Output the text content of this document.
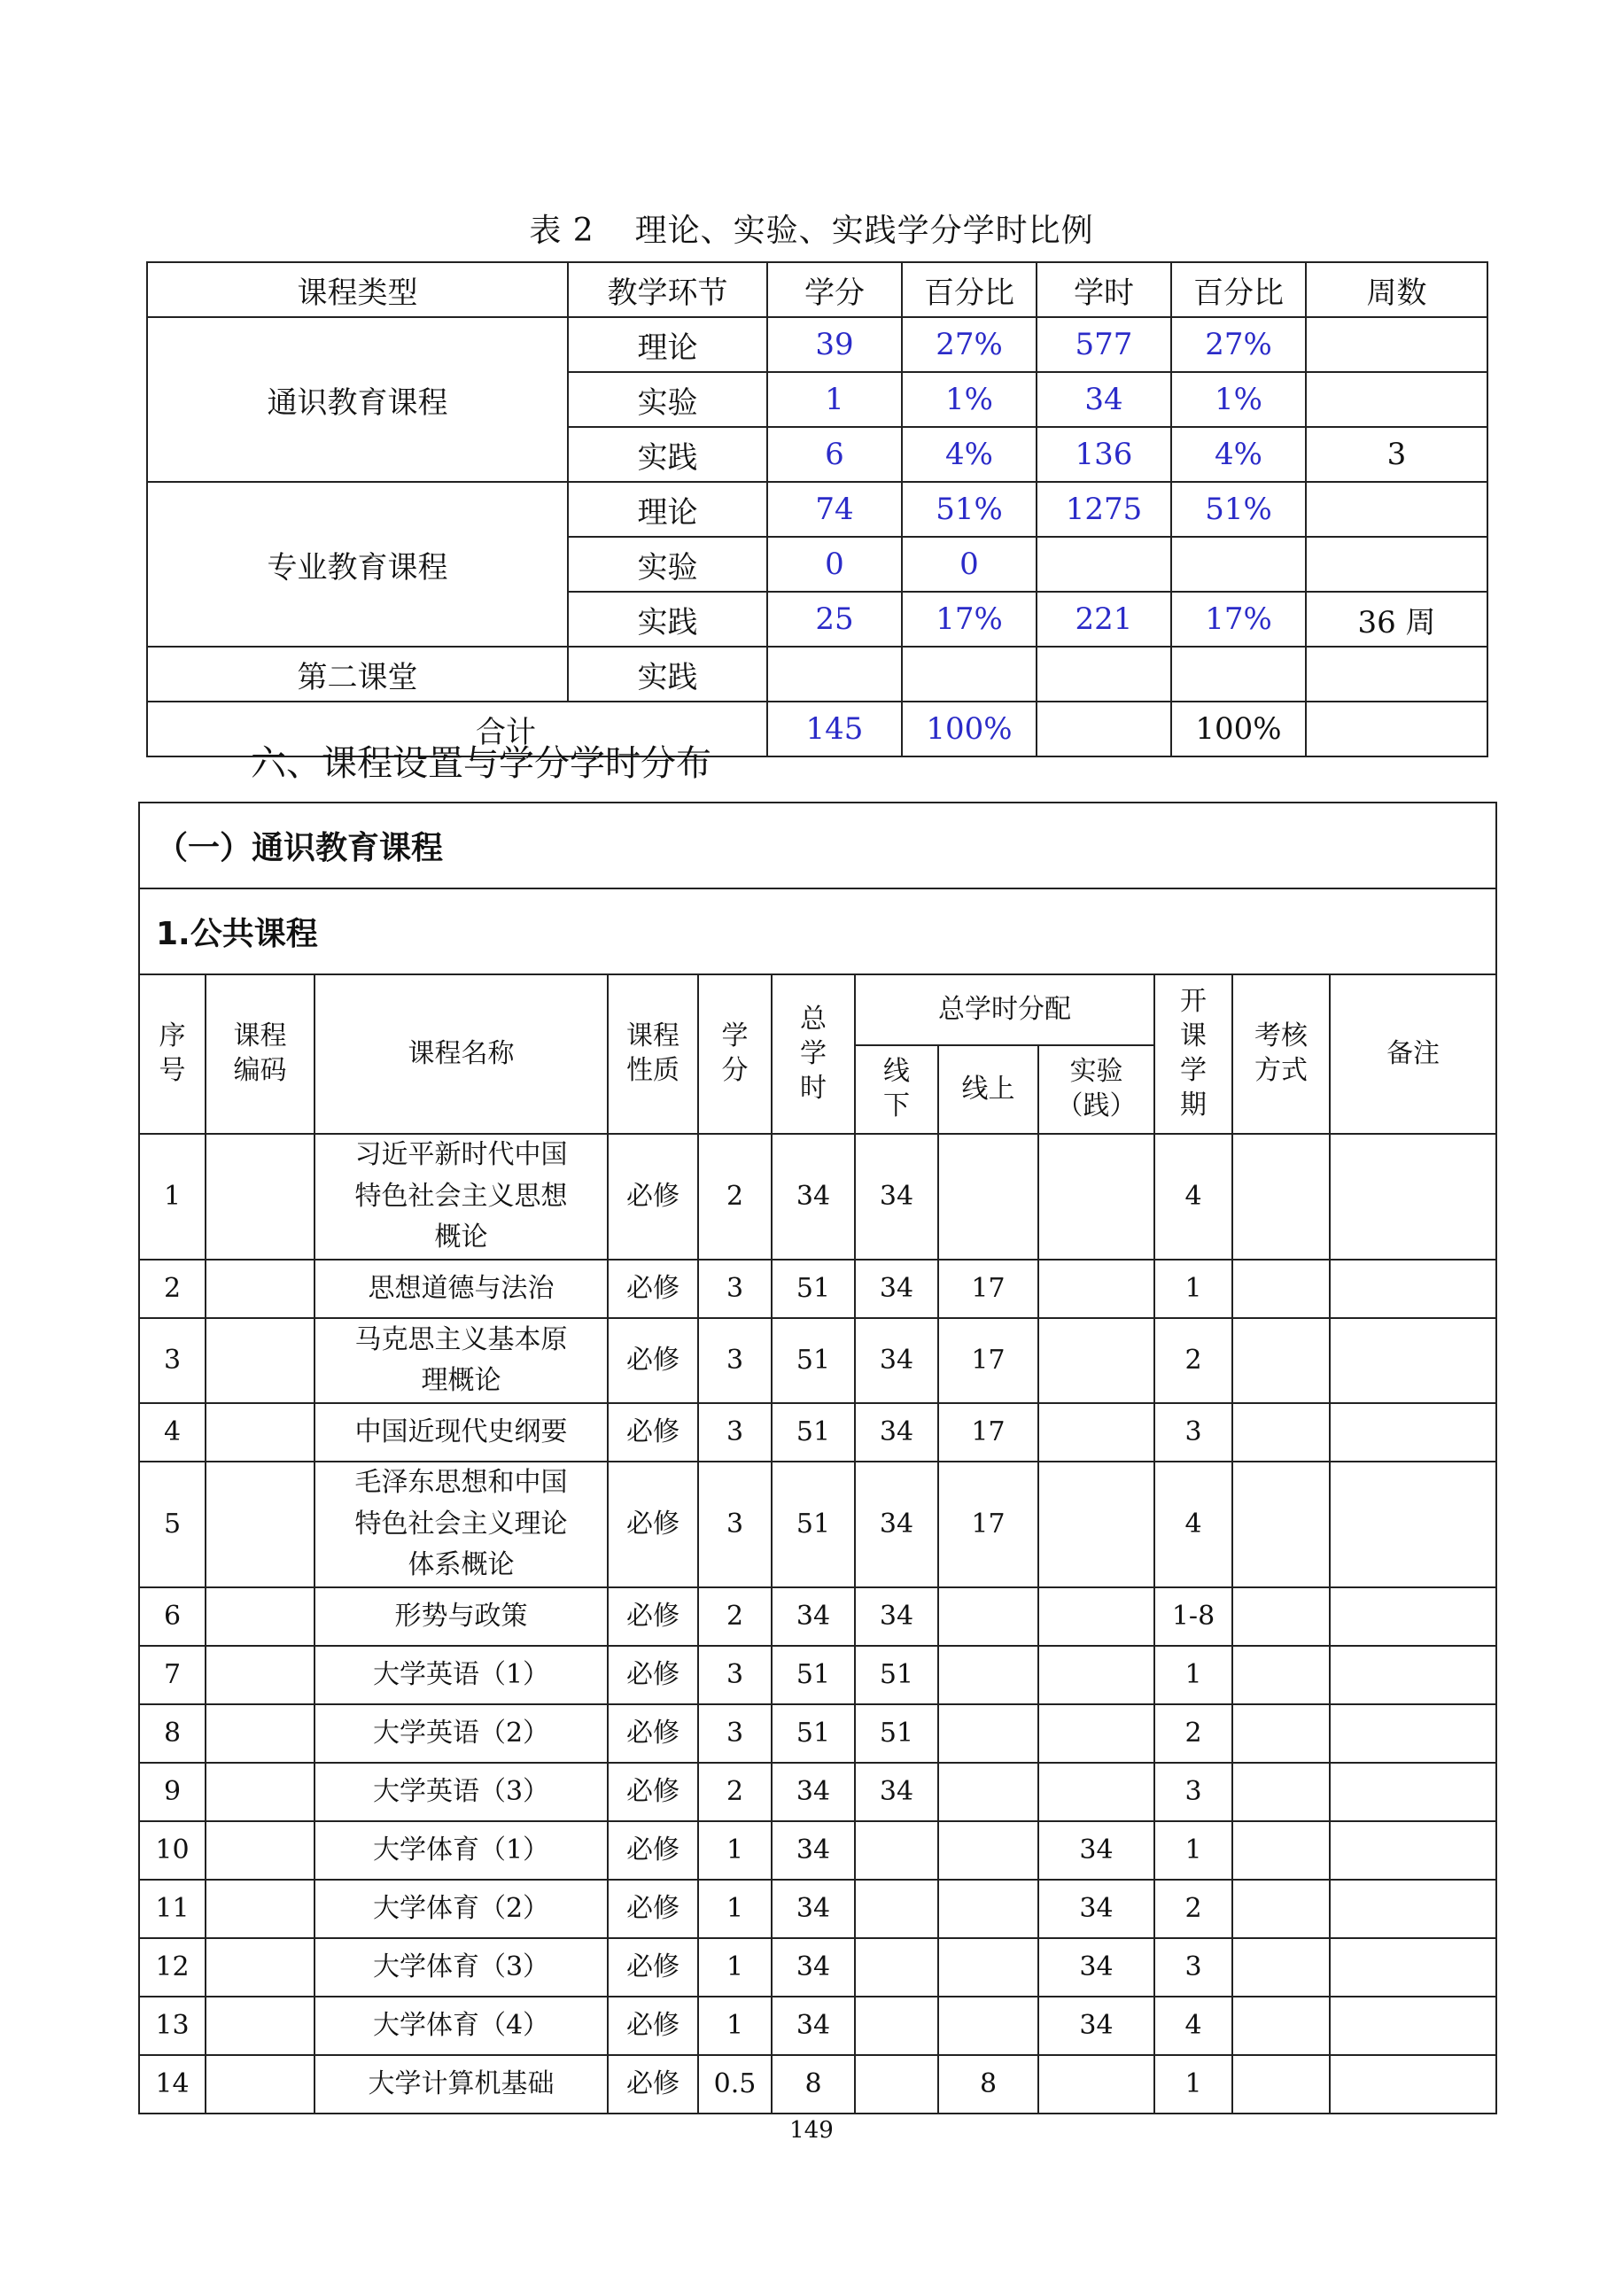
表 2 理论、实验、实践学分学时比例
课程类型	教学环节	学分	百分比	学时	百分比	周数
通识教育课程	理论	39	27%	577	27%	
	实验	1	1%	34	1%	
	实践	6	4%	136	4%	3
专业教育课程	理论	74	51%	1275	51%	
	实验	0	0			
	实践	25	17%	221	17%	36 周
第二课堂	实践					
合计		145	100%		100%	
六、课程设置与学分学时分布
（一）通识教育课程											
1.公共课程											
序号	课程编码	课程名称	课程性质	学分	总学时	总学时分配			开课学期	考核方式	备注
						线下	线上	实验（践）			
1		习近平新时代中国特色社会主义思想概论	必修	2	34	34			4		
2		思想道德与法治	必修	3	51	34	17		1		
3		马克思主义基本原理概论	必修	3	51	34	17		2		
4		中国近现代史纲要	必修	3	51	34	17		3		
5		毛泽东思想和中国特色社会主义理论体系概论	必修	3	51	34	17		4		
6		形势与政策	必修	2	34	34			1-8		
7		大学英语（1）	必修	3	51	51			1		
8		大学英语（2）	必修	3	51	51			2		
9		大学英语（3）	必修	2	34	34			3		
10		大学体育（1）	必修	1	34			34	1		
11		大学体育（2）	必修	1	34			34	2		
12		大学体育（3）	必修	1	34			34	3		
13		大学体育（4）	必修	1	34			34	4		
14		大学计算机基础	必修	0.5	8		8		1		
149
